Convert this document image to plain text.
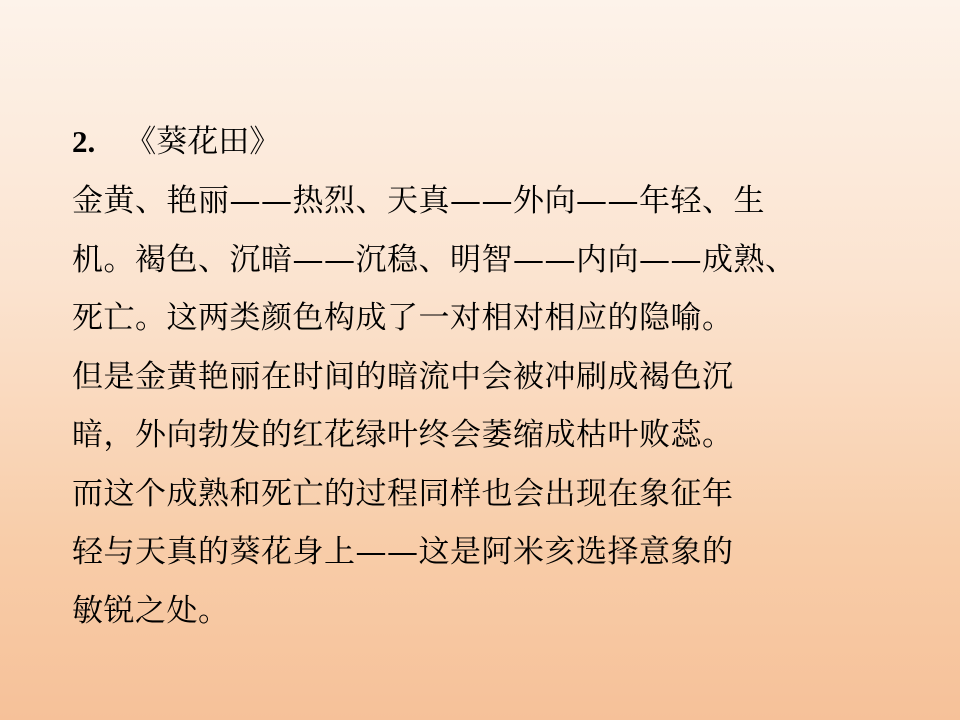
2. 《葵花田》
金黄、艳丽——热烈、天真——外向——年轻、生
机。褐色、沉暗——沉稳、明智——内向——成熟、
死亡。这两类颜色构成了一对相对相应的隐喻。
但是金黄艳丽在时间的暗流中会被冲刷成褐色沉
暗，外向勃发的红花绿叶终会萎缩成枯叶败蕊。
而这个成熟和死亡的过程同样也会出现在象征年
轻与天真的葵花身上——这是阿米亥选择意象的
敏锐之处。
